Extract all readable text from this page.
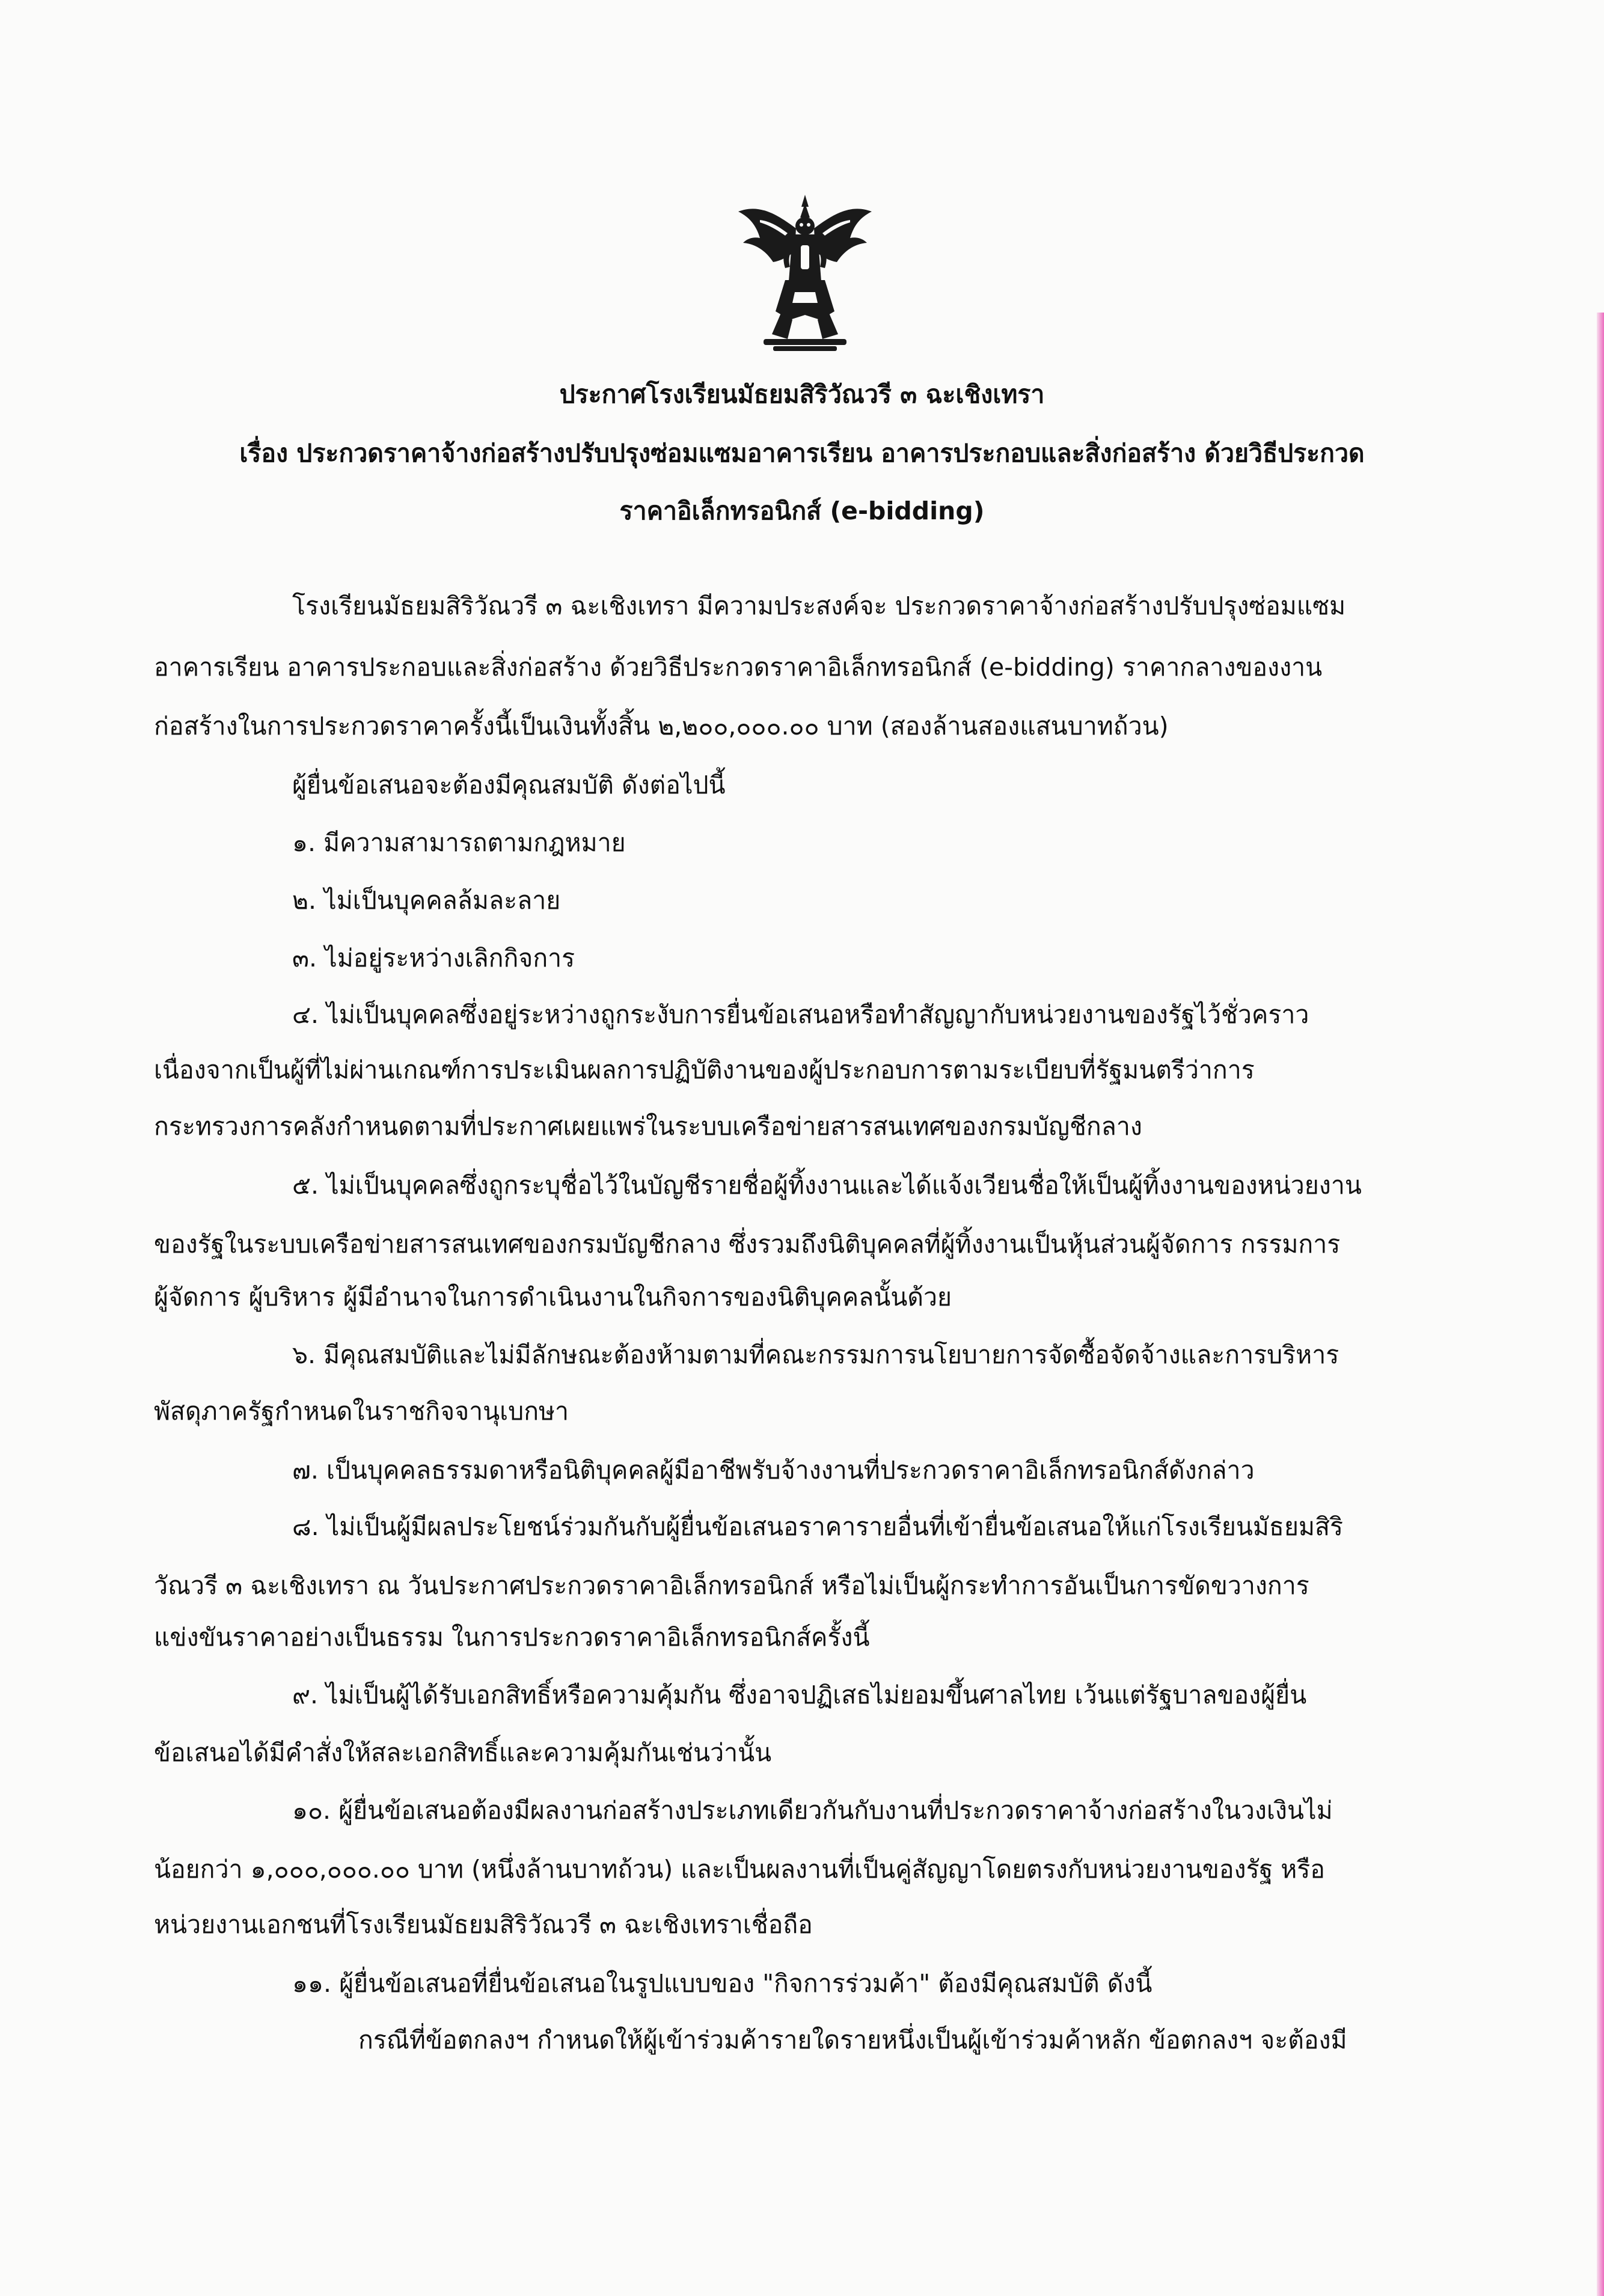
ประกาศโรงเรียนมัธยมสิริวัณวรี ๓ ฉะเชิงเทรา
เรื่อง ประกวดราคาจ้างก่อสร้างปรับปรุงซ่อมแซมอาคารเรียน อาคารประกอบและสิ่งก่อสร้าง ด้วยวิธีประกวด
ราคาอิเล็กทรอนิกส์ (e-bidding)
โรงเรียนมัธยมสิริวัณวรี ๓ ฉะเชิงเทรา มีความประสงค์จะ ประกวดราคาจ้างก่อสร้างปรับปรุงซ่อมแซม
อาคารเรียน อาคารประกอบและสิ่งก่อสร้าง ด้วยวิธีประกวดราคาอิเล็กทรอนิกส์ (e-bidding) ราคากลางของงาน
ก่อสร้างในการประกวดราคาครั้งนี้เป็นเงินทั้งสิ้น ๒,๒๐๐,๐๐๐.๐๐ บาท (สองล้านสองแสนบาทถ้วน)
ผู้ยื่นข้อเสนอจะต้องมีคุณสมบัติ ดังต่อไปนี้
๑. มีความสามารถตามกฎหมาย
๒. ไม่เป็นบุคคลล้มละลาย
๓. ไม่อยู่ระหว่างเลิกกิจการ
๔. ไม่เป็นบุคคลซึ่งอยู่ระหว่างถูกระงับการยื่นข้อเสนอหรือทำสัญญากับหน่วยงานของรัฐไว้ชั่วคราว
เนื่องจากเป็นผู้ที่ไม่ผ่านเกณฑ์การประเมินผลการปฏิบัติงานของผู้ประกอบการตามระเบียบที่รัฐมนตรีว่าการ
กระทรวงการคลังกำหนดตามที่ประกาศเผยแพร่ในระบบเครือข่ายสารสนเทศของกรมบัญชีกลาง
๕. ไม่เป็นบุคคลซึ่งถูกระบุชื่อไว้ในบัญชีรายชื่อผู้ทิ้งงานและได้แจ้งเวียนชื่อให้เป็นผู้ทิ้งงานของหน่วยงาน
ของรัฐในระบบเครือข่ายสารสนเทศของกรมบัญชีกลาง ซึ่งรวมถึงนิติบุคคลที่ผู้ทิ้งงานเป็นหุ้นส่วนผู้จัดการ กรรมการ
ผู้จัดการ ผู้บริหาร ผู้มีอำนาจในการดำเนินงานในกิจการของนิติบุคคลนั้นด้วย
๖. มีคุณสมบัติและไม่มีลักษณะต้องห้ามตามที่คณะกรรมการนโยบายการจัดซื้อจัดจ้างและการบริหาร
พัสดุภาครัฐกำหนดในราชกิจจานุเบกษา
๗. เป็นบุคคลธรรมดาหรือนิติบุคคลผู้มีอาชีพรับจ้างงานที่ประกวดราคาอิเล็กทรอนิกส์ดังกล่าว
๘. ไม่เป็นผู้มีผลประโยชน์ร่วมกันกับผู้ยื่นข้อเสนอราคารายอื่นที่เข้ายื่นข้อเสนอให้แก่โรงเรียนมัธยมสิริ
วัณวรี ๓ ฉะเชิงเทรา ณ วันประกาศประกวดราคาอิเล็กทรอนิกส์ หรือไม่เป็นผู้กระทำการอันเป็นการขัดขวางการ
แข่งขันราคาอย่างเป็นธรรม ในการประกวดราคาอิเล็กทรอนิกส์ครั้งนี้
๙. ไม่เป็นผู้ได้รับเอกสิทธิ์หรือความคุ้มกัน ซึ่งอาจปฏิเสธไม่ยอมขึ้นศาลไทย เว้นแต่รัฐบาลของผู้ยื่น
ข้อเสนอได้มีคำสั่งให้สละเอกสิทธิ์และความคุ้มกันเช่นว่านั้น
๑๐. ผู้ยื่นข้อเสนอต้องมีผลงานก่อสร้างประเภทเดียวกันกับงานที่ประกวดราคาจ้างก่อสร้างในวงเงินไม่
น้อยกว่า ๑,๐๐๐,๐๐๐.๐๐ บาท (หนึ่งล้านบาทถ้วน) และเป็นผลงานที่เป็นคู่สัญญาโดยตรงกับหน่วยงานของรัฐ หรือ
หน่วยงานเอกชนที่โรงเรียนมัธยมสิริวัณวรี ๓ ฉะเชิงเทราเชื่อถือ
๑๑. ผู้ยื่นข้อเสนอที่ยื่นข้อเสนอในรูปแบบของ "กิจการร่วมค้า" ต้องมีคุณสมบัติ ดังนี้
กรณีที่ข้อตกลงฯ กำหนดให้ผู้เข้าร่วมค้ารายใดรายหนึ่งเป็นผู้เข้าร่วมค้าหลัก ข้อตกลงฯ จะต้องมี
